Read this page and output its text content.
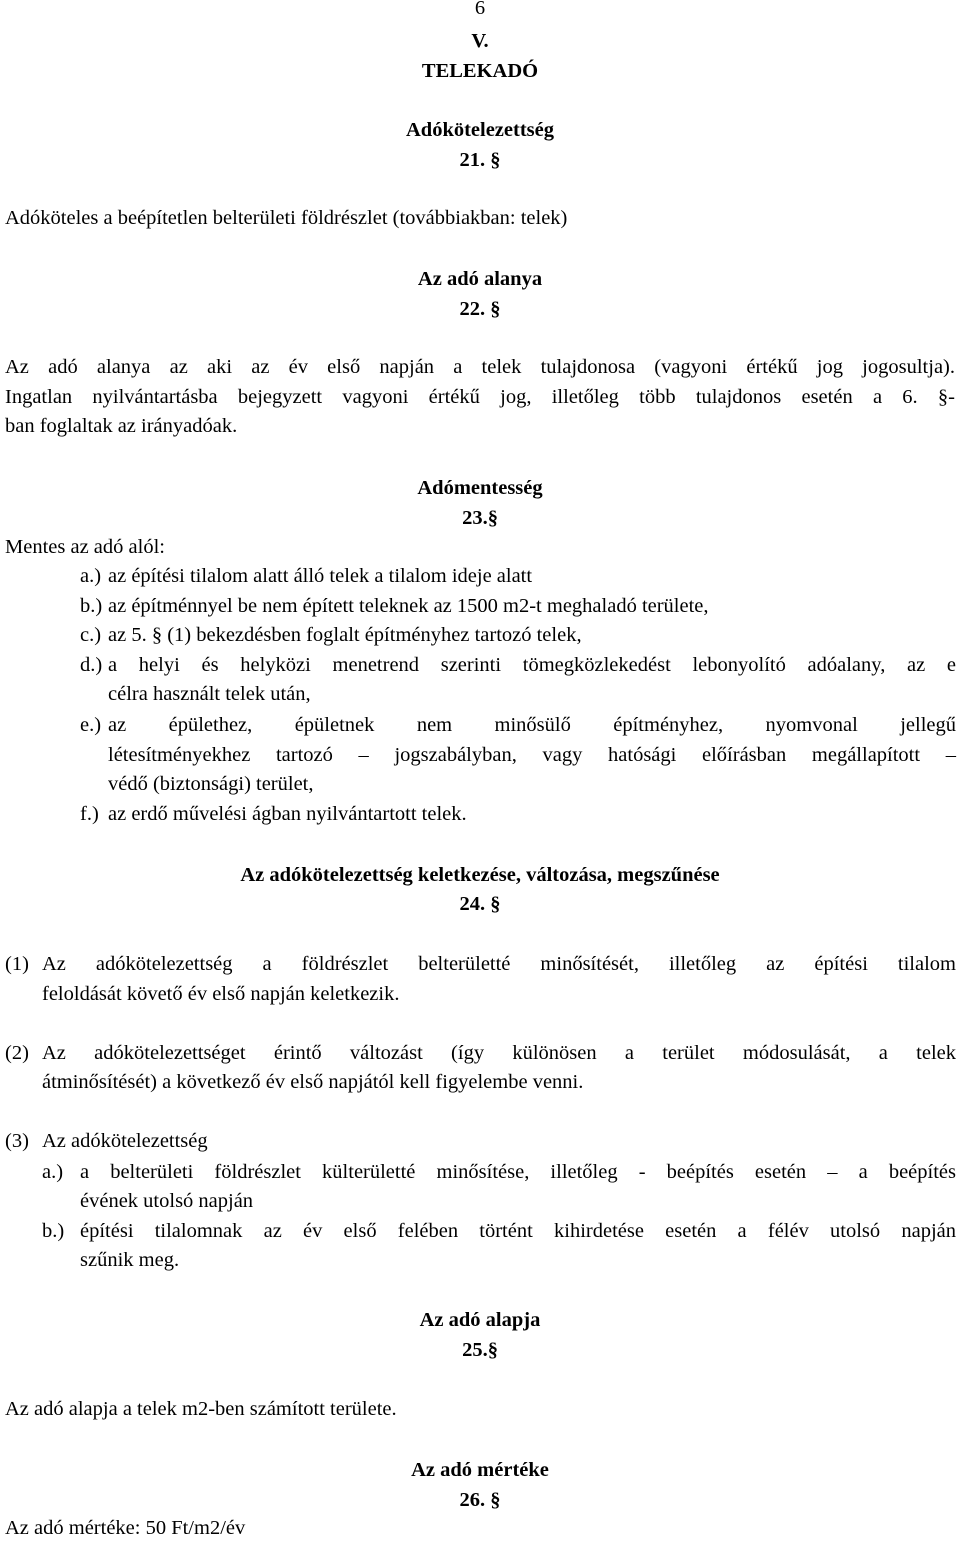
6
V.
TELEKADÓ
Adókötelezettség
21. §
Adóköteles a beépítetlen belterületi földrészlet (továbbiakban: telek)
Az adó alanya
22. §
Az adó alanya az aki az év első napján a telek tulajdonosa (vagyoni értékű jog jogosultja).
Ingatlan nyilvántartásba bejegyzett vagyoni értékű jog, illetőleg több tulajdonos esetén a 6. §-
ban foglaltak az irányadóak.
Adómentesség
23.§
Mentes az adó alól:
a.) az építési tilalom alatt álló telek a tilalom ideje alatt
b.) az építménnyel be nem épített teleknek az 1500 m2-t meghaladó területe,
c.) az 5. § (1) bekezdésben foglalt építményhez tartozó telek,
d.) a helyi és helyközi menetrend szerinti tömegközlekedést lebonyolító adóalany, az e
célra használt telek után,
e.) az épülethez, épületnek nem minősülő építményhez, nyomvonal jellegű
létesítményekhez tartozó – jogszabályban, vagy hatósági előírásban megállapított –
védő (biztonsági) terület,
f.) az erdő művelési ágban nyilvántartott telek.
Az adókötelezettség keletkezése, változása, megszűnése
24. §
(1) Az adókötelezettség a földrészlet belterületté minősítését, illetőleg az építési tilalom
feloldását követő év első napján keletkezik.
(2) Az adókötelezettséget érintő változást (így különösen a terület módosulását, a telek
átminősítését) a következő év első napjától kell figyelembe venni.
(3) Az adókötelezettség
a.) a belterületi földrészlet külterületté minősítése, illetőleg - beépítés esetén – a beépítés
évének utolsó napján
b.) építési tilalomnak az év első felében történt kihirdetése esetén a félév utolsó napján
szűnik meg.
Az adó alapja
25.§
Az adó alapja a telek m2-ben számított területe.
Az adó mértéke
26. §
Az adó mértéke: 50 Ft/m2/év
